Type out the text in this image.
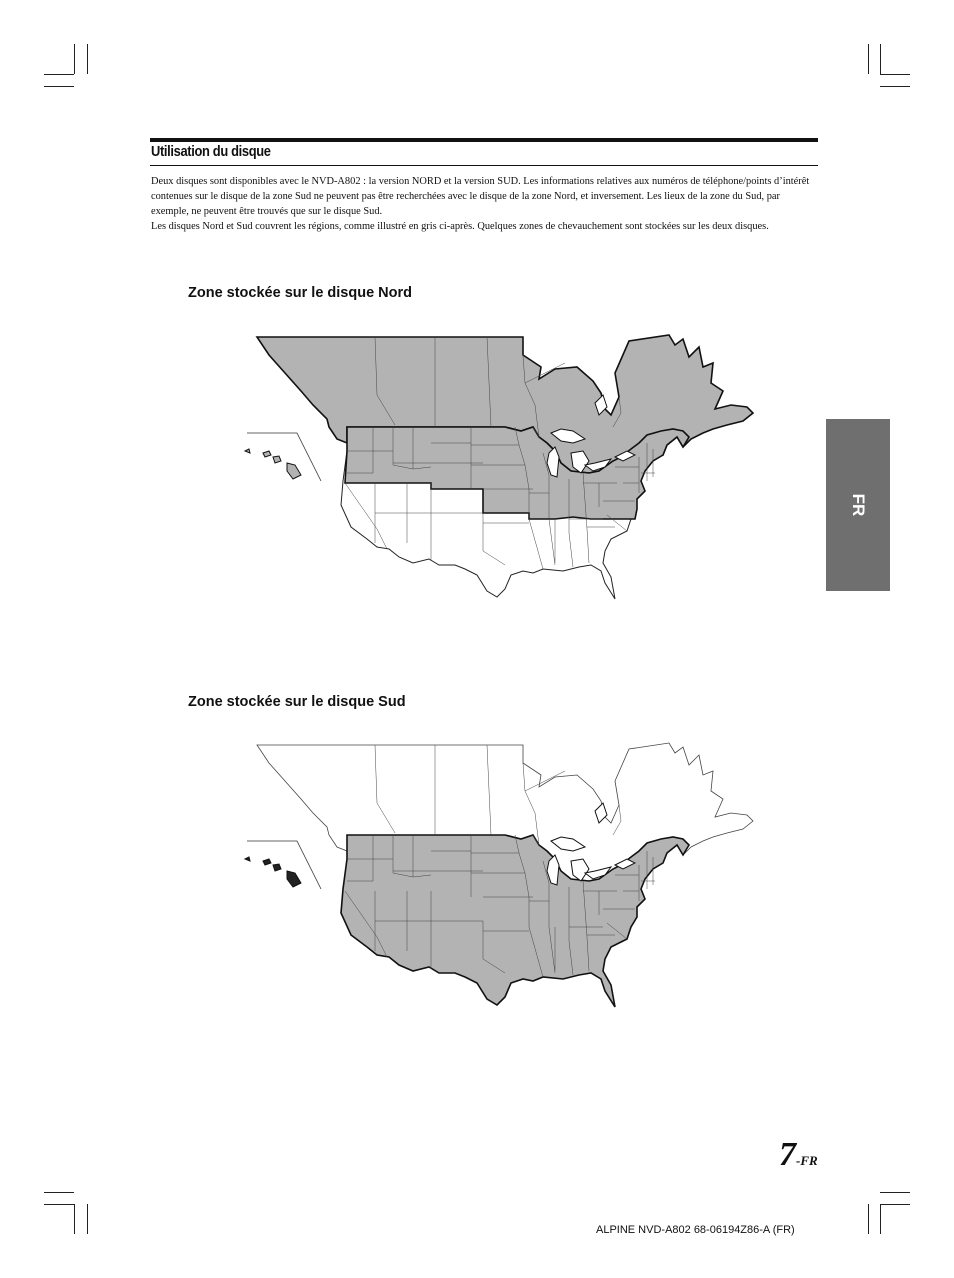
Utilisation du disque

Deux disques sont disponibles avec le NVD-A802 : la version NORD et la version SUD. Les informations relatives aux numéros de téléphone/points d’intérêt contenues sur le disque de la zone Sud ne peuvent pas être recherchées avec le disque de la zone Nord, et inversement. Les lieux de la zone du Sud, par exemple, ne peuvent être trouvés que sur le disque Sud.

Les disques Nord et Sud couvrent les régions, comme illustré en gris ci-après. Quelques zones de chevauchement sont stockées sur les deux disques.

Zone stockée sur le disque Nord
Zone stockée sur le disque Sud
FR
7-FR
ALPINE NVD-A802 68-06194Z86-A (FR)
